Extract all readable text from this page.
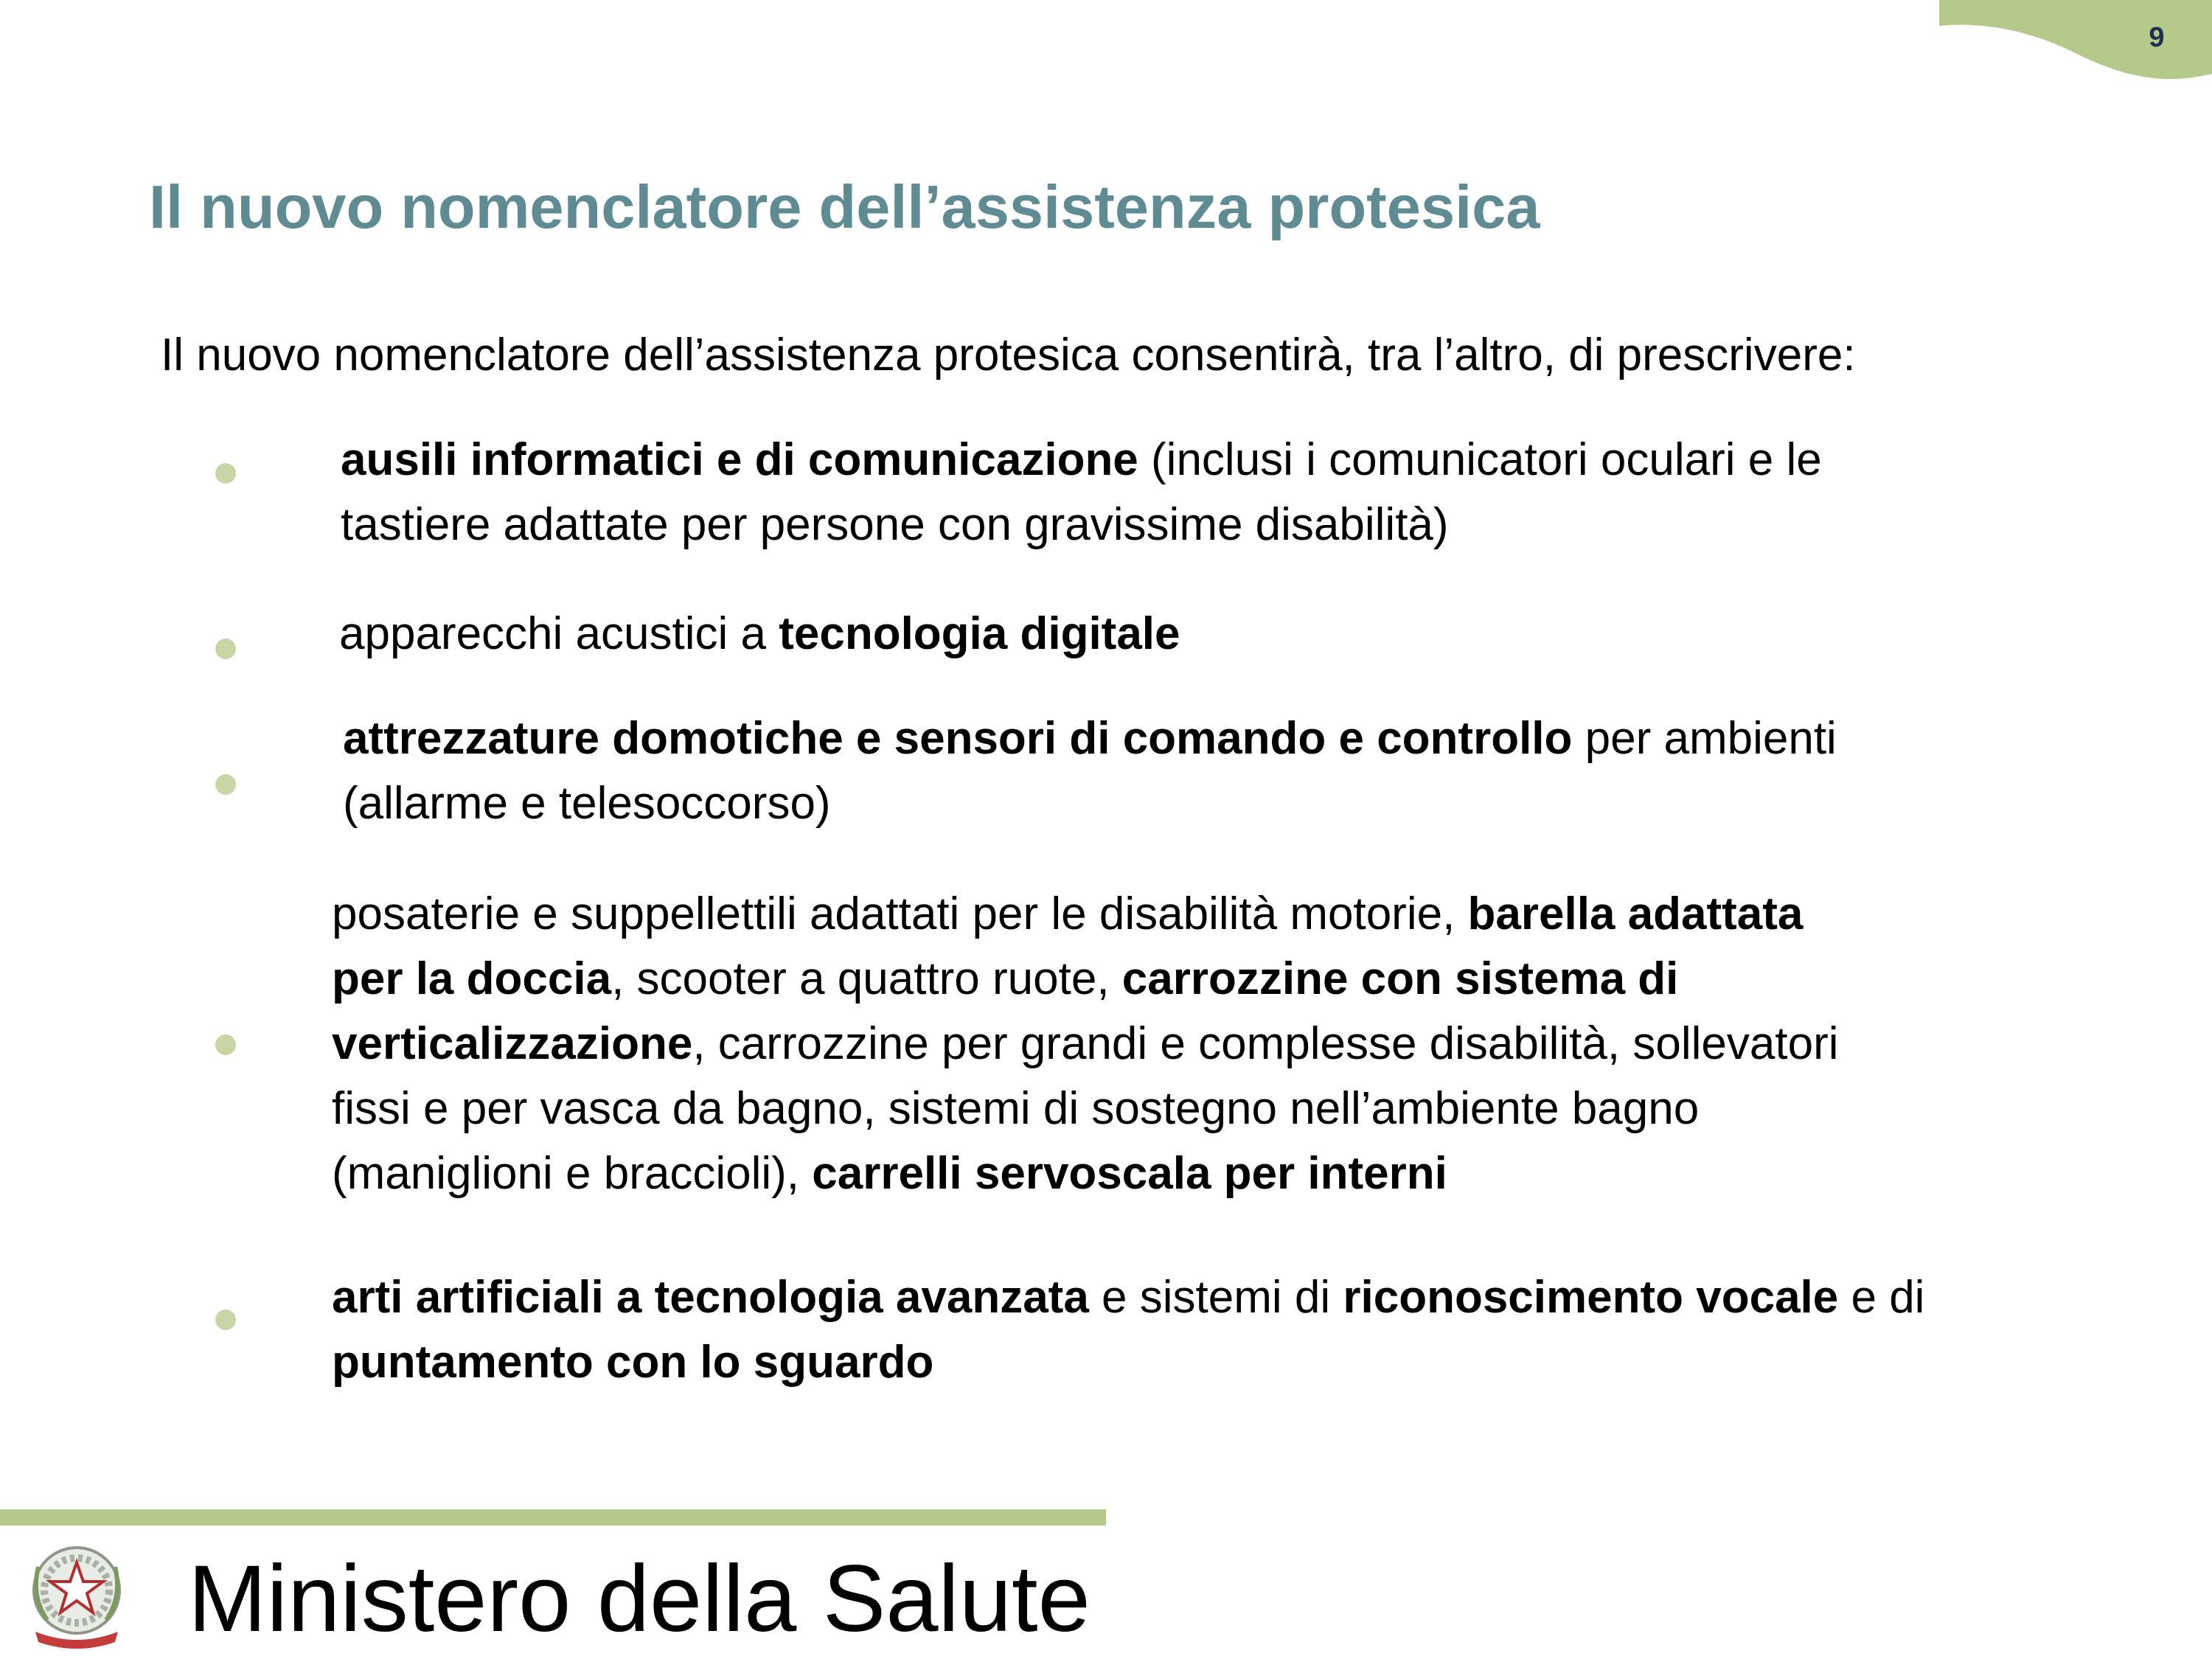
9
Il nuovo nomenclatore dell’assistenza protesica
Il nuovo nomenclatore dell’assistenza protesica consentirà, tra l’altro, di prescrivere:
ausili informatici e di comunicazione (inclusi i comunicatori oculari e le
tastiere adattate per persone con gravissime disabilità)
apparecchi acustici a tecnologia digitale
attrezzature domotiche e sensori di comando e controllo per ambienti
(allarme e telesoccorso)
posaterie e suppellettili adattati per le disabilità motorie, barella adattata
per la doccia, scooter a quattro ruote, carrozzine con sistema di
verticalizzazione, carrozzine per grandi e complesse disabilità, sollevatori
fissi e per vasca da bagno, sistemi di sostegno nell’ambiente bagno
(maniglioni e braccioli), carrelli servoscala per interni
arti artificiali a tecnologia avanzata e sistemi di riconoscimento vocale e di
puntamento con lo sguardo
Ministero della Salute
